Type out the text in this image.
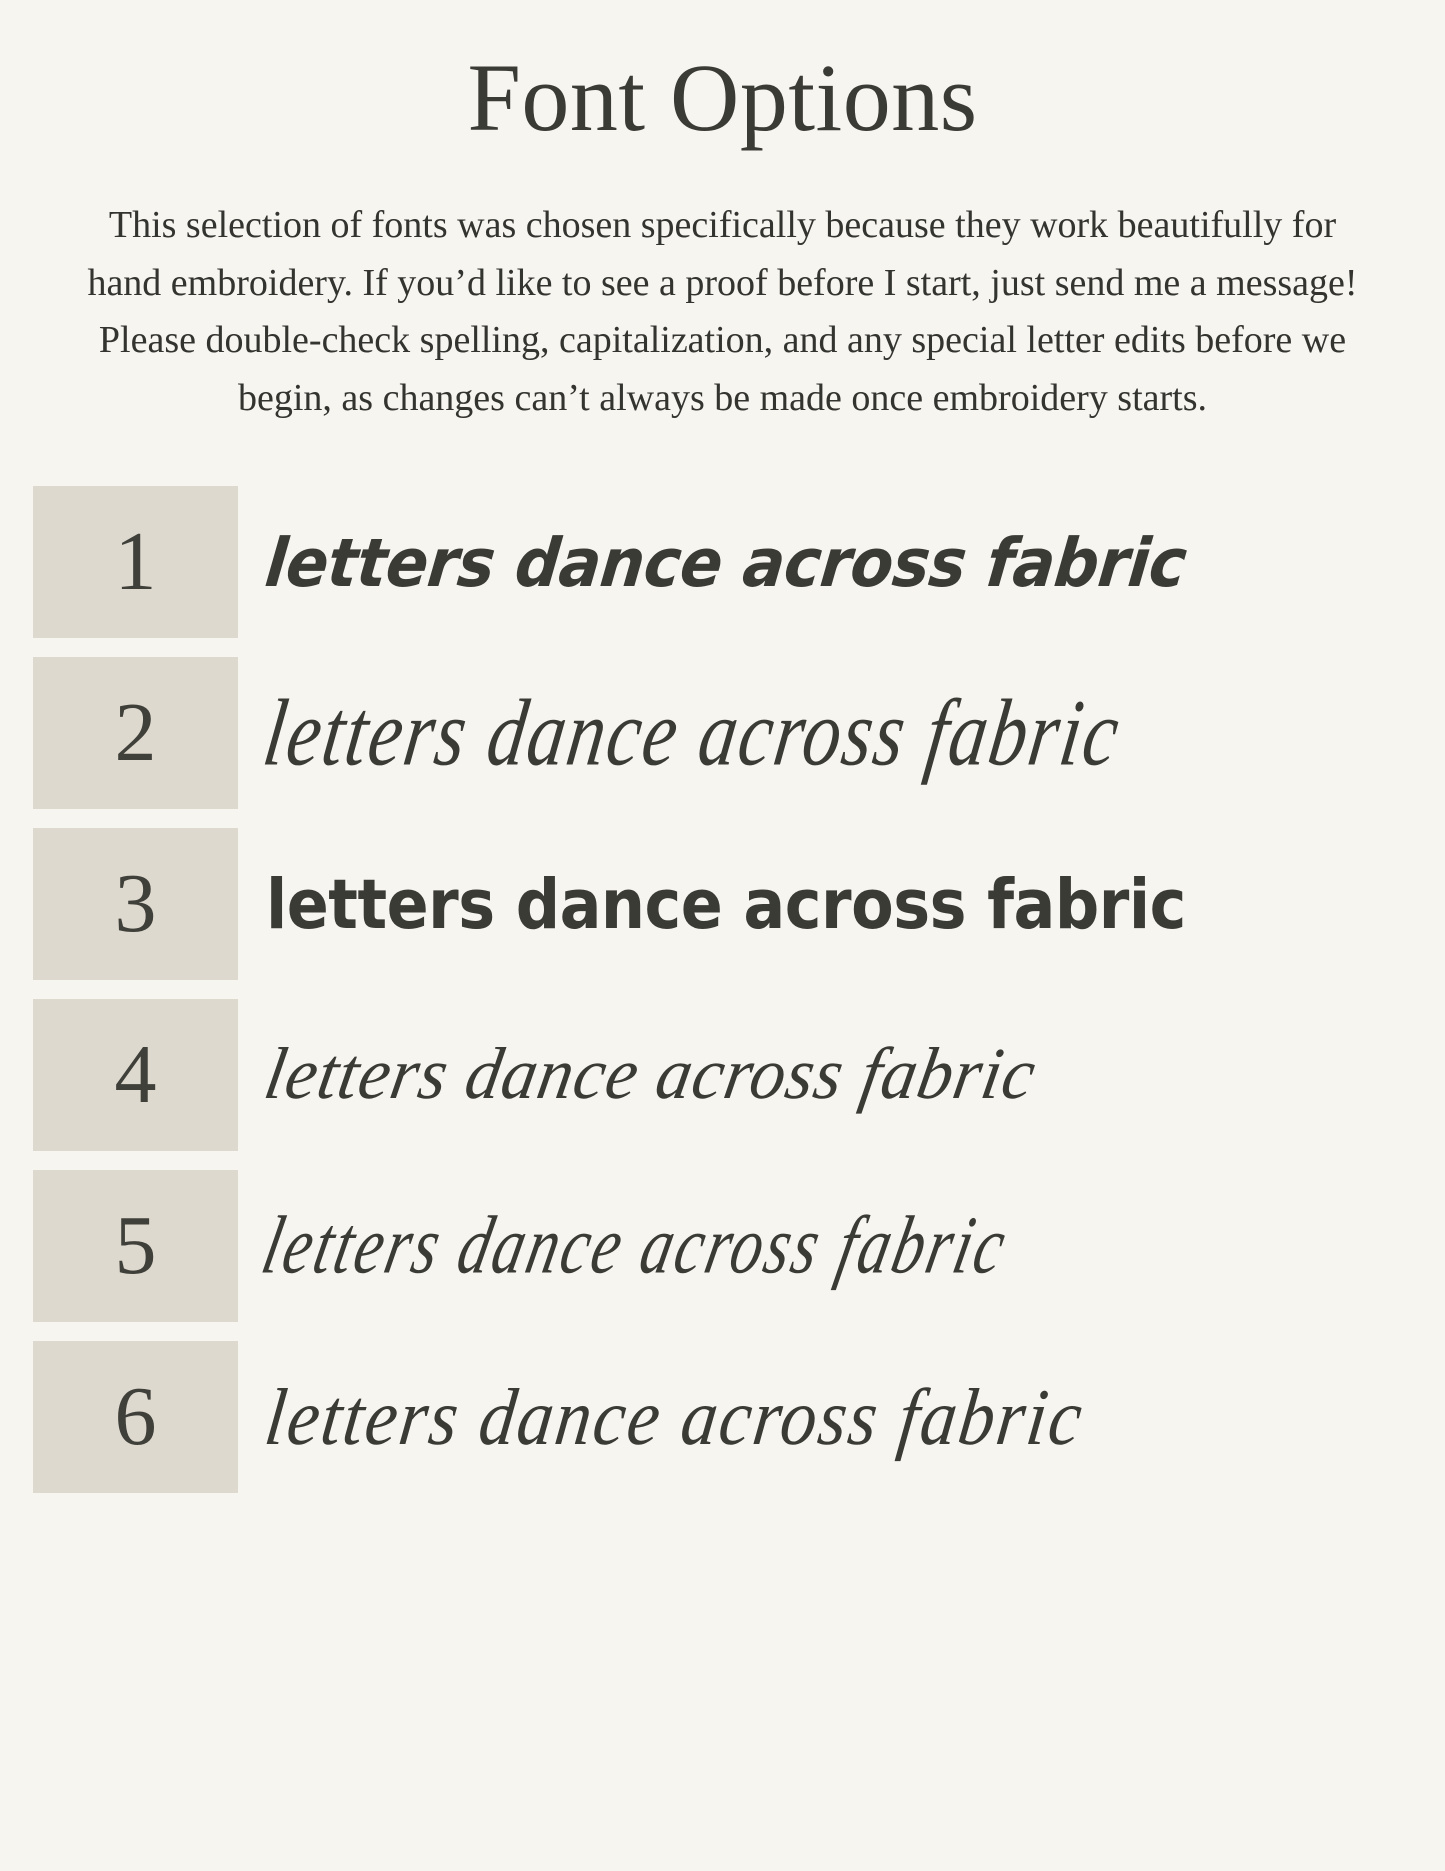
Font Options

This selection of fonts was chosen specifically because they work beautifully for hand embroidery. If you’d like to see a proof before I start, just send me a message! Please double-check spelling, capitalization, and any special letter edits before we begin, as changes can’t always be made once embroidery starts.

1	letters dance across fabric
2	letters dance across fabric
3	letters dance across fabric
4	letters dance across fabric
5	letters dance across fabric
6	letters dance across fabric
